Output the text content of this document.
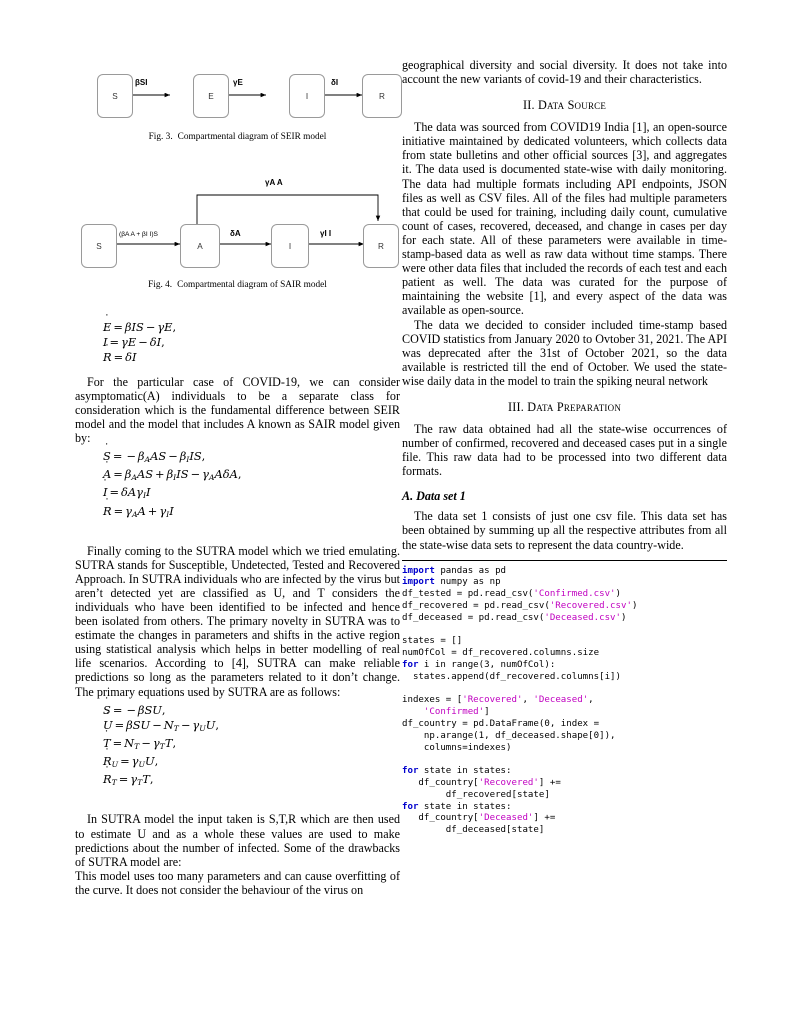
S	E	I	R
βSI	γE	δI
Fig. 3. Compartmental diagram of SEIR model
S	A	I	R
(βA A + βI I)S	δA	γI I
γA A
Fig. 4. Compartmental diagram of SAIR model
E ˙ = βIS − γE,
I ˙ = γE − δI,
R ˙ = δI

For the particular case of COVID-19, we can consider asymptomatic(A) individuals to be a separate class for consideration which is the fundamental difference between SEIR model and the model that includes A known as SAIR model given by:

S ˙ = − $\beta_AAS - \beta_IIS$,
A ˙ = $\beta_AAS + \beta_IIS - \gamma_AA\delta A$,
I ˙ = δAγ$_I$I
R ˙ = $\gamma_AA + \gamma_II$

Finally coming to the SUTRA model which we tried emulating. SUTRA stands for Susceptible, Undetected, Tested and Recovered Approach. In SUTRA individuals who are infected by the virus but aren’t detected yet are classified as U, and T considers the individuals who have been identified to be infected and hence been isolated from others. The primary novelty in SUTRA was to estimate the changes in parameters and shifts in the active region using statistical analysis which helps in better modelling of real life scenarios. According to [4], SUTRA can make reliable predictions so long as the parameters related to it don’t change. The primary equations used by SUTRA are as follows:

S ˙ = − βSU,
U ˙ = $\beta SU - N_T - \gamma_UU$,
T ˙ = $N_T - \gamma_TT$,
R $˙_U = \gamma_UU$,
R $˙_T = \gamma_TT$,

In SUTRA model the input taken is S,T,R which are then used to estimate U and as a whole these values are used to make predictions about the number of infected. Some of the drawbacks of SUTRA model are:

This model uses too many parameters and can cause overfitting of the curve. It does not consider the behaviour of the virus on

geographical diversity and social diversity. It does not take into account the new variants of covid-19 and their characteristics.

II. Data Source

The data was sourced from COVID19 India [1], an open-source initiative maintained by dedicated volunteers, which collects data from state bulletins and other official sources [3], and aggregates it. The data used is documented state-wise with daily monitoring. The data had multiple formats including API endpoints, JSON files as well as CSV files. All of the files had multiple parameters that could be used for training, including daily count, cumulative count of cases, recovered, deceased, and change in cases per day for each state. All of these parameters were available in time-stamp-based data as well as raw data without time stamps. There were other data files that included the records of each test and each patient as well. The data was curated for the purpose of maintaining the website [1], and every aspect of the data was available as open-source.

The data we decided to consider included time-stamp based COVID statistics from January 2020 to Ovtober 31, 2021. The API was deprecated after the 31st of October 2021, so the data available is restricted till the end of October. We used the state-wise daily data in the model to train the spiking neural network

III. Data Preparation

The raw data obtained had all the state-wise occurrences of number of confirmed, recovered and deceased cases put in a single file. This raw data had to be processed into two different data formats.

A. Data set 1

The data set 1 consists of just one csv file. This data set has been obtained by summing up all the respective attributes from all the state-wise data sets to represent the data country-wide.

import pandas as pd
import numpy as np
df_tested = pd.read_csv('Confirmed.csv')
df_recovered = pd.read_csv('Recovered.csv')
df_deceased = pd.read_csv('Deceased.csv')

states = []
numOfCol = df_recovered.columns.size
for i in range(3, numOfCol):
states.append(df_recovered.columns[i])

indexes = ['Recovered', 'Deceased',
'Confirmed']
df_country = pd.DataFrame(0, index =
np.arange(1, df_deceased.shape[0]),
columns=indexes)

for state in states:
df_country['Recovered'] +=
df_recovered[state]
for state in states:
df_country['Deceased'] +=
df_deceased[state]
